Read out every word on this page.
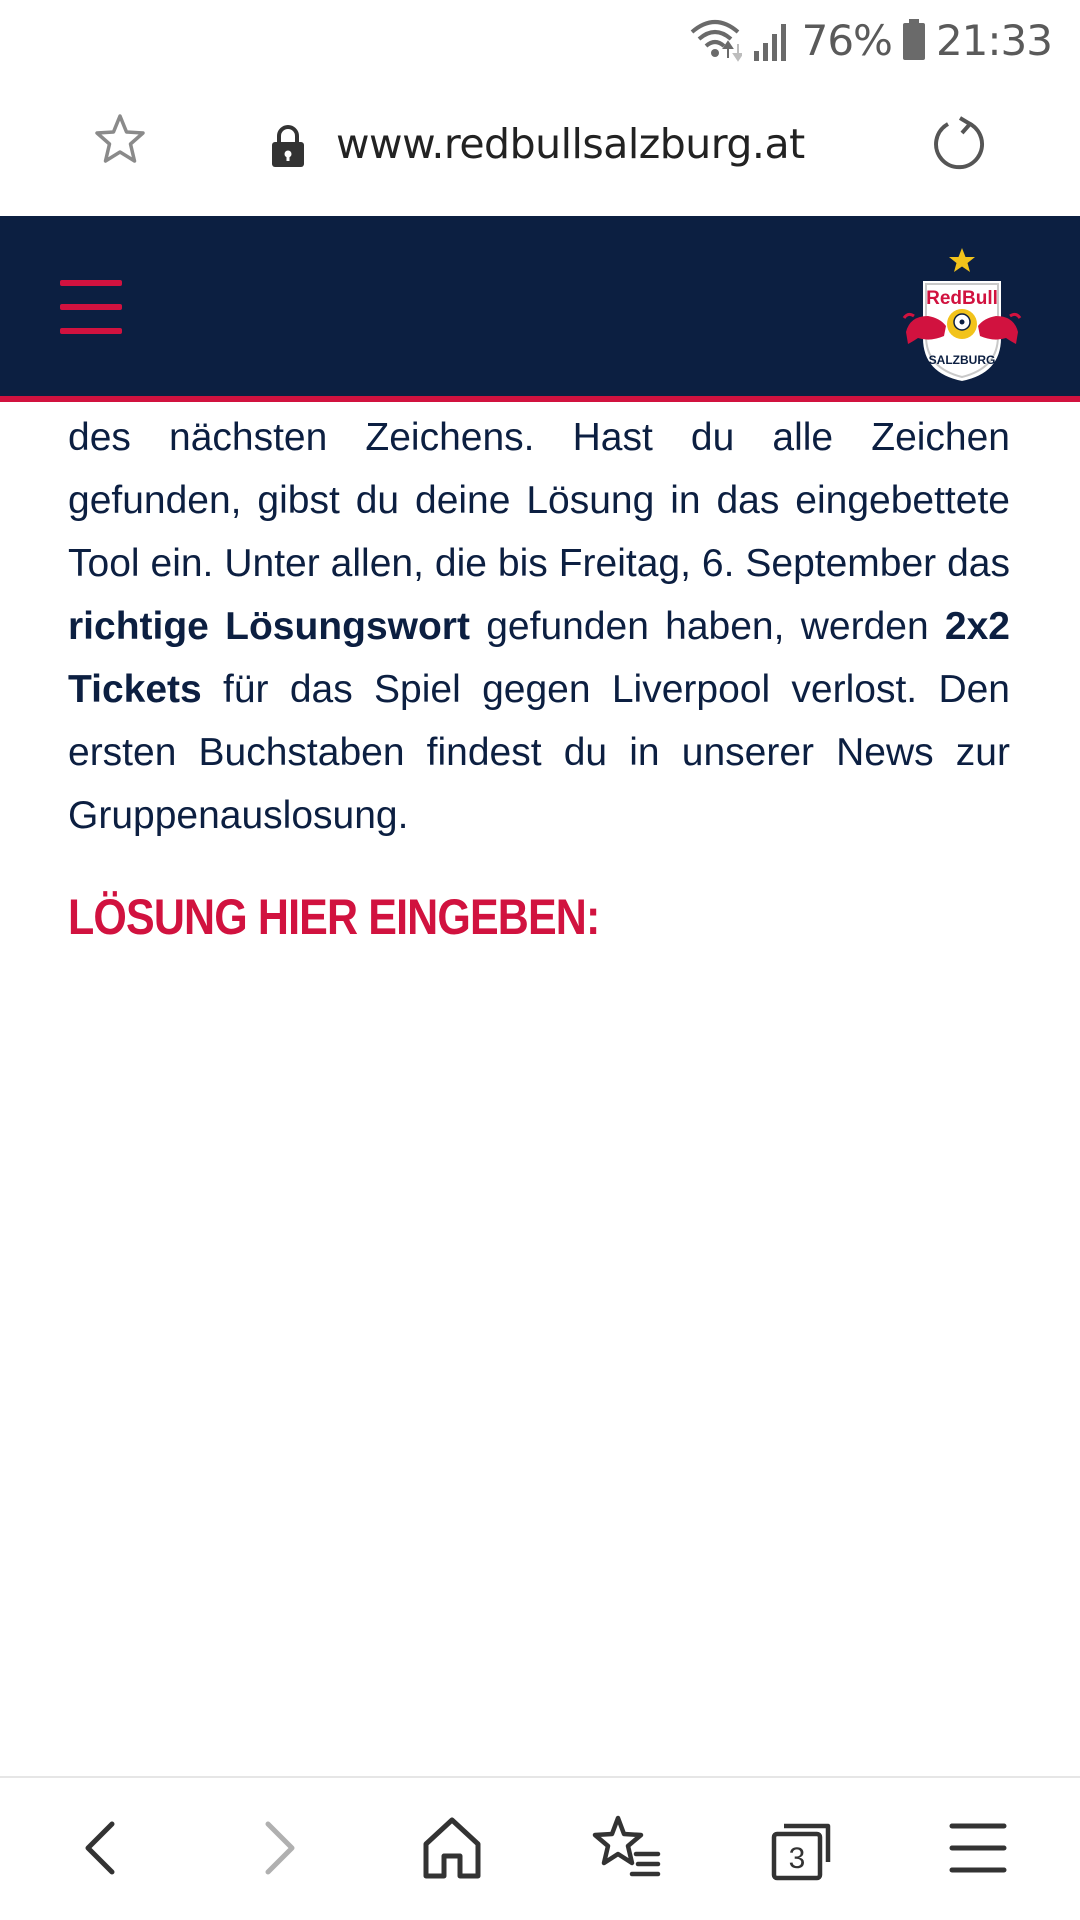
76% 21:33
www.redbullsalzburg.at
RedBull
SALZBURG

des nächsten Zeichens. Hast du alle Zeichen gefunden, gibst du deine Lösung in das eingebettete Tool ein. Unter allen, die bis Freitag, 6. September das richtige Lösungswort gefunden haben, werden 2x2 Tickets für das Spiel gegen Liverpool verlost. Den ersten Buchstaben findest du in unserer News zur Gruppenauslosung.

LÖSUNG HIER EINGEBEN:
3
